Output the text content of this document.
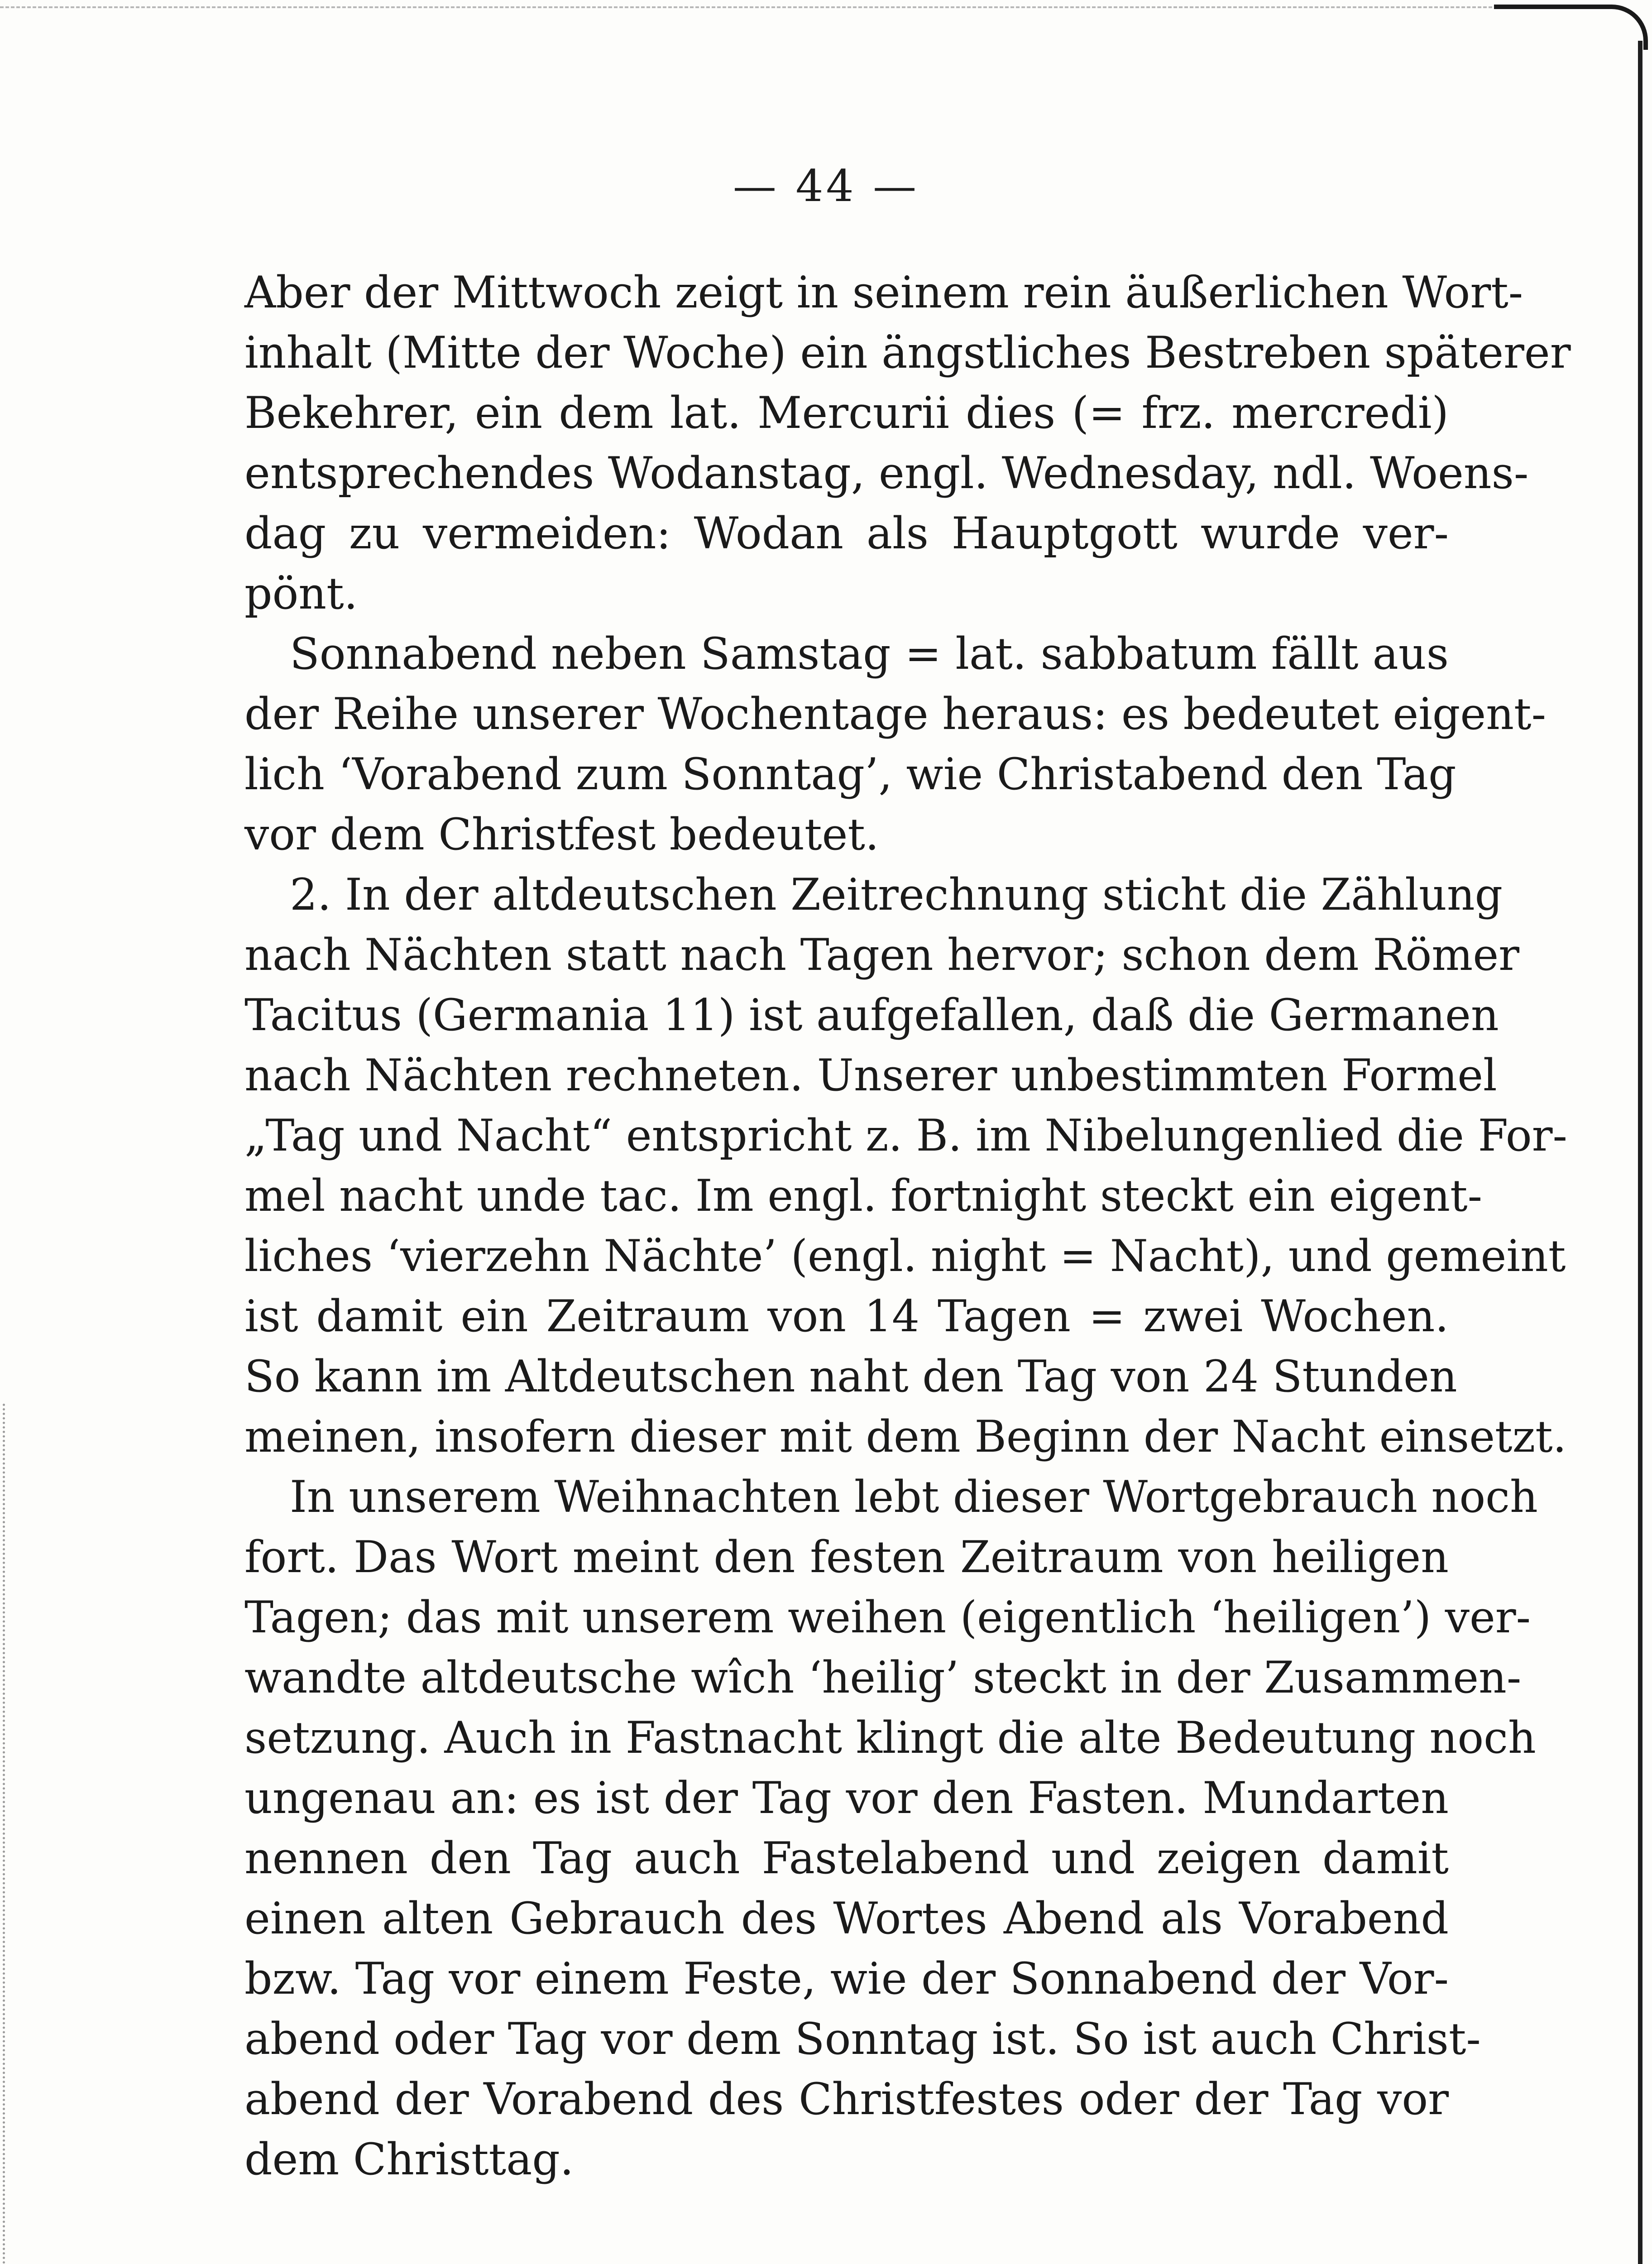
— 44 —
Aber der Mittwoch zeigt in seinem rein äußerlichen Wort-
inhalt (Mitte der Woche) ein ängstliches Bestreben späterer
Bekehrer, ein dem lat. Mercurii dies (= frz. mercredi)
entsprechendes Wodanstag, engl. Wednesday, ndl. Woens-
dag zu vermeiden: Wodan als Hauptgott wurde ver-
pönt.
Sonnabend neben Samstag = lat. sabbatum fällt aus
der Reihe unserer Wochentage heraus: es bedeutet eigent-
lich ‘Vorabend zum Sonntag’, wie Christabend den Tag
vor dem Christfest bedeutet.
2. In der altdeutschen Zeitrechnung sticht die Zählung
nach Nächten statt nach Tagen hervor; schon dem Römer
Tacitus (Germania 11) ist aufgefallen, daß die Germanen
nach Nächten rechneten. Unserer unbestimmten Formel
„Tag und Nacht“ entspricht z. B. im Nibelungenlied die For-
mel nacht unde tac. Im engl. fortnight steckt ein eigent-
liches ‘vierzehn Nächte’ (engl. night = Nacht), und gemeint
ist damit ein Zeitraum von 14 Tagen = zwei Wochen.
So kann im Altdeutschen naht den Tag von 24 Stunden
meinen, insofern dieser mit dem Beginn der Nacht einsetzt.
In unserem Weihnachten lebt dieser Wortgebrauch noch
fort. Das Wort meint den festen Zeitraum von heiligen
Tagen; das mit unserem weihen (eigentlich ‘heiligen’) ver-
wandte altdeutsche wîch ‘heilig’ steckt in der Zusammen-
setzung. Auch in Fastnacht klingt die alte Bedeutung noch
ungenau an: es ist der Tag vor den Fasten. Mundarten
nennen den Tag auch Fastelabend und zeigen damit
einen alten Gebrauch des Wortes Abend als Vorabend
bzw. Tag vor einem Feste, wie der Sonnabend der Vor-
abend oder Tag vor dem Sonntag ist. So ist auch Christ-
abend der Vorabend des Christfestes oder der Tag vor
dem Christtag.
